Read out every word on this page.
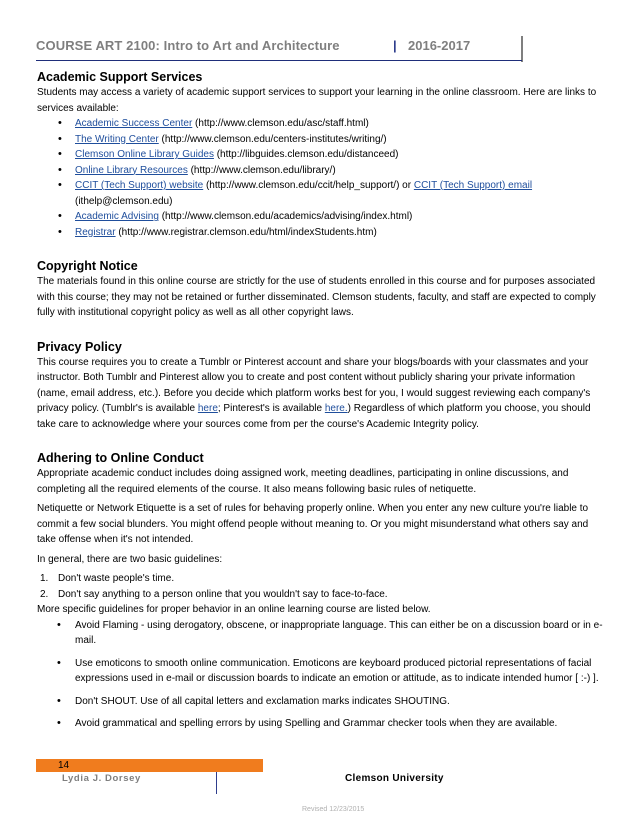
COURSE ART 2100: Intro to Art and Architecture	| 2016-2017
Academic Support Services

Students may access a variety of academic support services to support your learning in the online classroom. Here are links to services available:

• Academic Success Center (http://www.clemson.edu/asc/staff.html)
• The Writing Center (http://www.clemson.edu/centers-institutes/writing/)
• Clemson Online Library Guides (http://libguides.clemson.edu/distanceed)
• Online Library Resources (http://www.clemson.edu/library/)
• CCIT (Tech Support) website (http://www.clemson.edu/ccit/help_support/) or CCIT (Tech Support) email (ithelp@clemson.edu)
• Academic Advising (http://www.clemson.edu/academics/advising/index.html)
• Registrar (http://www.registrar.clemson.edu/html/indexStudents.htm)
Copyright Notice

The materials found in this online course are strictly for the use of students enrolled in this course and for purposes associated with this course; they may not be retained or further disseminated. Clemson students, faculty, and staff are expected to comply fully with institutional copyright policy as well as all other copyright laws.

Privacy Policy

This course requires you to create a Tumblr or Pinterest account and share your blogs/boards with your classmates and your instructor. Both Tumblr and Pinterest allow you to create and post content without publicly sharing your private information (name, email address, etc.). Before you decide which platform works best for you, I would suggest reviewing each company's privacy policy. (Tumblr's is available here; Pinterest's is available here.) Regardless of which platform you choose, you should take care to acknowledge where your sources come from per the course's Academic Integrity policy.

Adhering to Online Conduct

Appropriate academic conduct includes doing assigned work, meeting deadlines, participating in online discussions, and completing all the required elements of the course. It also means following basic rules of netiquette.

Netiquette or Network Etiquette is a set of rules for behaving properly online. When you enter any new culture you're liable to commit a few social blunders. You might offend people without meaning to. Or you might misunderstand what others say and take offense when it's not intended.

In general, there are two basic guidelines:

1. Don't waste people's time.
2. Don't say anything to a person online that you wouldn't say to face-to-face.

More specific guidelines for proper behavior in an online learning course are listed below.

• Avoid Flaming - using derogatory, obscene, or inappropriate language. This can either be on a discussion board or in e-mail.
• Use emoticons to smooth online communication. Emoticons are keyboard produced pictorial representations of facial expressions used in e-mail or discussion boards to indicate an emotion or attitude, as to indicate intended humor [ :-) ].
• Don't SHOUT. Use of all capital letters and exclamation marks indicates SHOUTING.
• Avoid grammatical and spelling errors by using Spelling and Grammar checker tools when they are available.
14
Lydia J. Dorsey	Clemson University
Revised 12/23/2015
